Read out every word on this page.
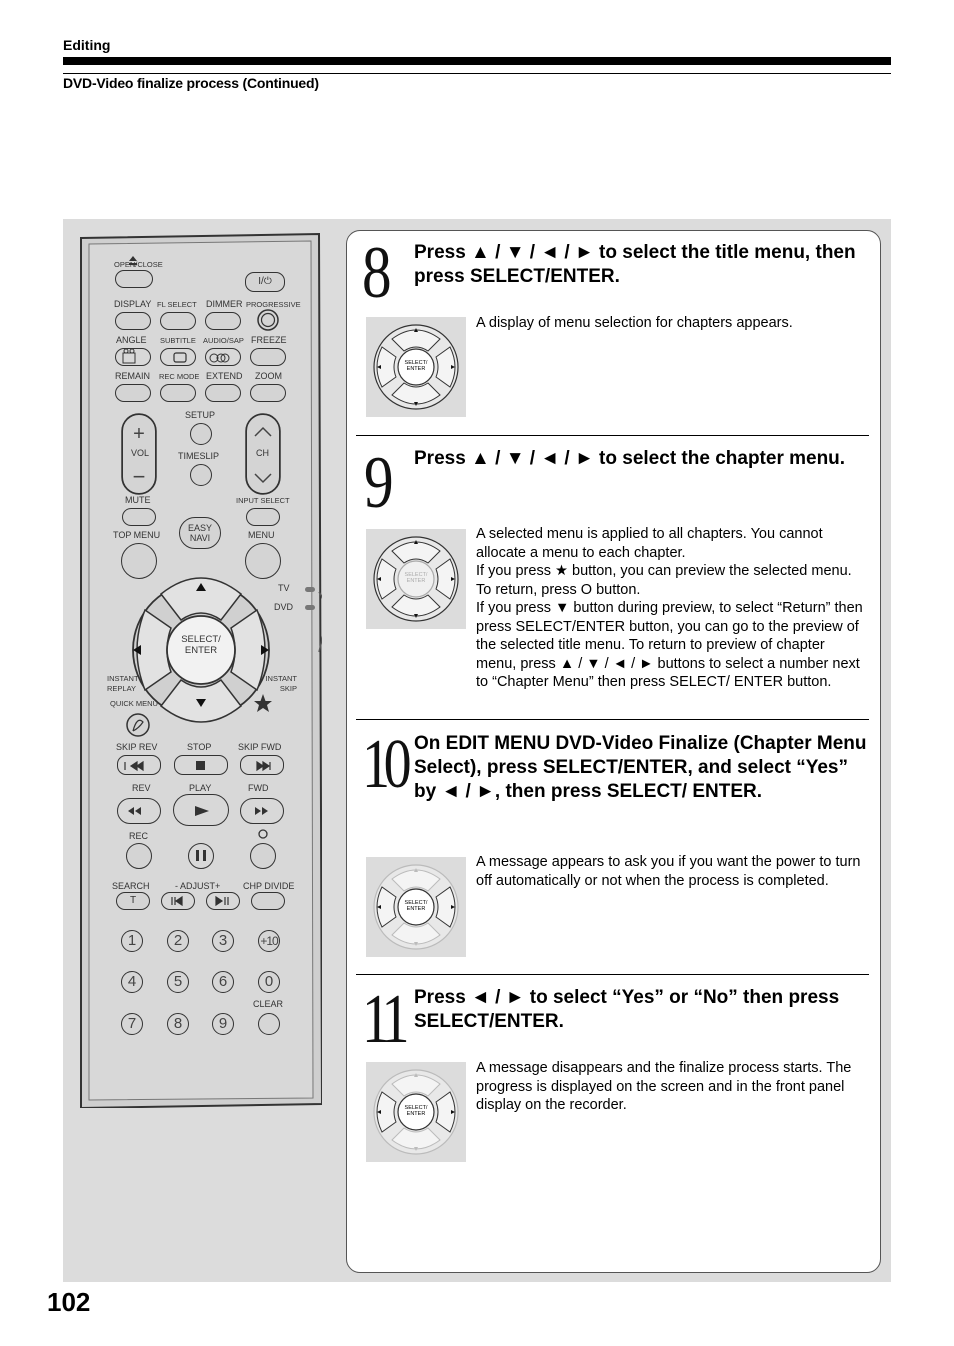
Editing
DVD-Video finalize process (Continued)
+
−
OPEN/CLOSE
I/⏻
DISPLAY FL SELECT DIMMER PROGRESSIVE
ANGLE SUBTITLE AUDIO/SAP FREEZE
REMAIN REC MODE EXTEND ZOOM
SETUP
VOL	CH
TIMESLIP
MUTE	INPUT SELECT
TOP MENU
EASY NAVI	MENU
TV
DVD
SELECT/ ENTER
INSTANT REPLAY
INSTANT SKIP
QUICK MENU
SKIP REV	STOP	SKIP FWD
REV	PLAY	FWD
REC
SEARCH	- ADJUST+	CHP DIVIDE
T
1	2	3	+10
4	5	6	0
CLEAR
7	8	9
8 Press ▲ / ▼ / ◄ / ► to select the title menu, then press SELECT/ENTER.
SELECT/ ENTER
A display of menu selection for chapters appears.
9 Press ▲ / ▼ / ◄ / ► to select the chapter menu.
SELECT/ ENTER
A selected menu is applied to all chapters. You cannot allocate a menu to each chapter.
If you press ★ button, you can preview the selected menu. To return, press O button.
If you press ▼ button during preview, to select “Return” then press SELECT/ENTER button, you can go to the preview of the selected title menu. To return to preview of chapter menu, press ▲ / ▼ / ◄ / ► buttons to select a number next to “Chapter Menu” then press SELECT/ ENTER button.
10 On EDIT MENU DVD-Video Finalize (Chapter Menu Select), press SELECT/ENTER, and select “Yes” by ◄ / ►, then press SELECT/ ENTER.
SELECT/ ENTER
A message appears to ask you if you want the power to turn off automatically or not when the process is completed.
11 Press ◄ / ► to select “Yes” or “No” then press SELECT/ENTER.
SELECT/ ENTER
A message disappears and the finalize process starts. The progress is displayed on the screen and in the front panel display on the recorder.
102
